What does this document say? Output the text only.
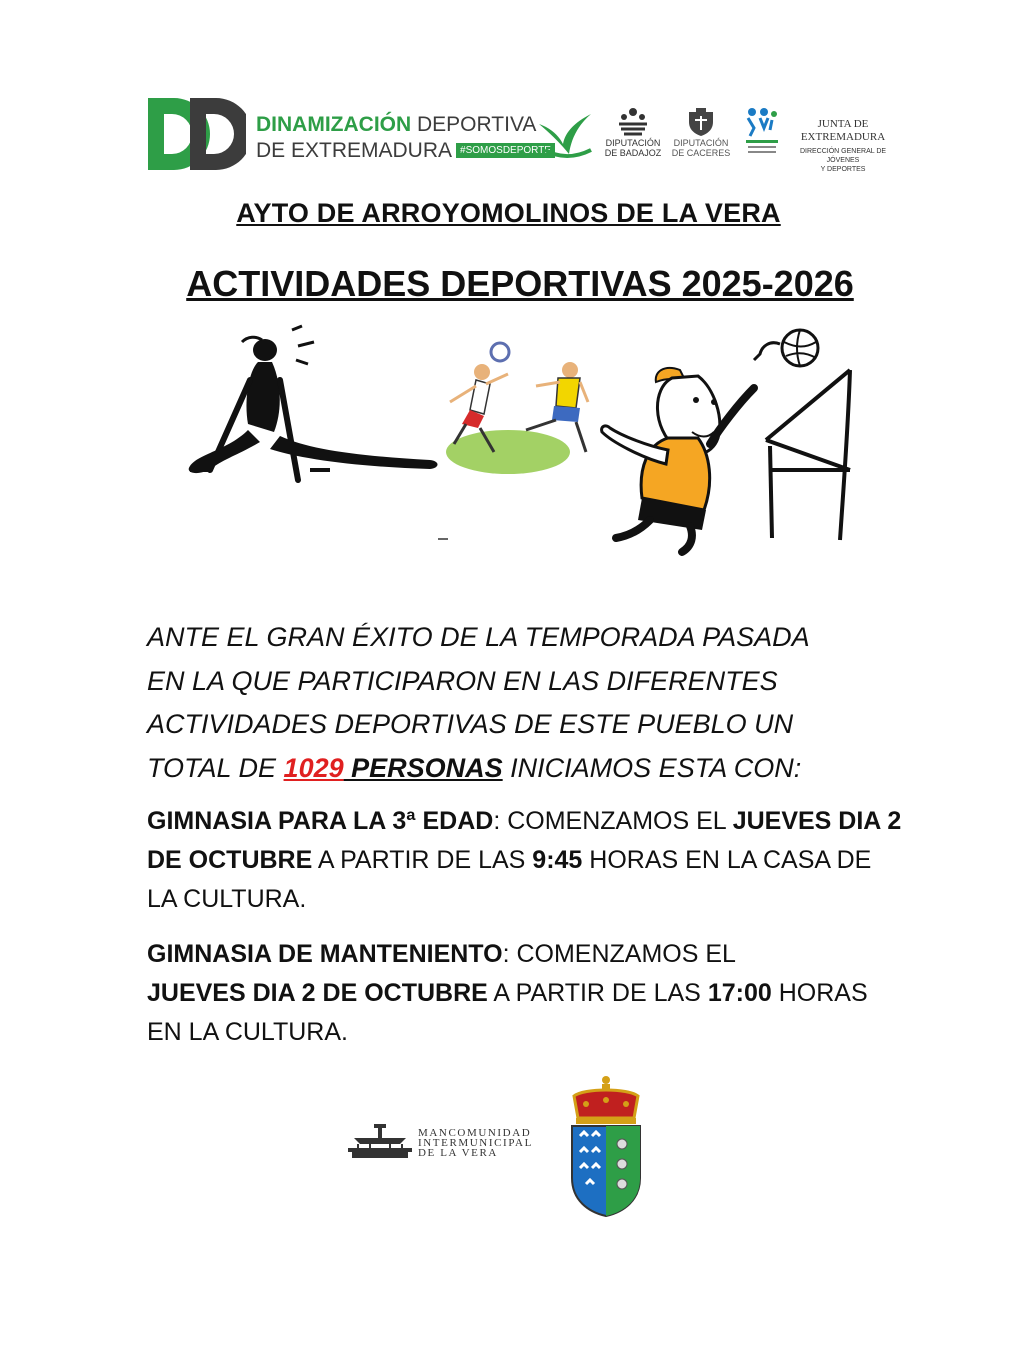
DINAMIZACIÓN DEPORTIVA
DE EXTREMADURA #SOMOSDEPORTE
DIPUTACIÓN
DE BADAJOZ
DIPUTACIÓN
DE CACERES
JUNTA DE EXTREMADURA
DIRECCIÓN GENERAL DE JÓVENES
Y DEPORTES
AYTO DE ARROYOMOLINOS DE LA VERA
ACTIVIDADES DEPORTIVAS 2025-2026
ANTE EL GRAN ÉXITO DE LA TEMPORADA PASADA
EN LA QUE PARTICIPARON EN LAS DIFERENTES
ACTIVIDADES DEPORTIVAS DE ESTE PUEBLO UN
TOTAL DE 1029 PERSONAS INICIAMOS ESTA CON:
GIMNASIA PARA LA 3ª EDAD: COMENZAMOS EL JUEVES DIA 2 DE OCTUBRE A PARTIR DE LAS 9:45 HORAS EN LA CASA DE LA CULTURA.
GIMNASIA DE MANTENIENTO: COMENZAMOS EL
JUEVES DIA 2 DE OCTUBRE A PARTIR DE LAS 17:00 HORAS EN LA CULTURA.
MANCOMUNIDAD
INTERMUNICIPAL
DE LA VERA
